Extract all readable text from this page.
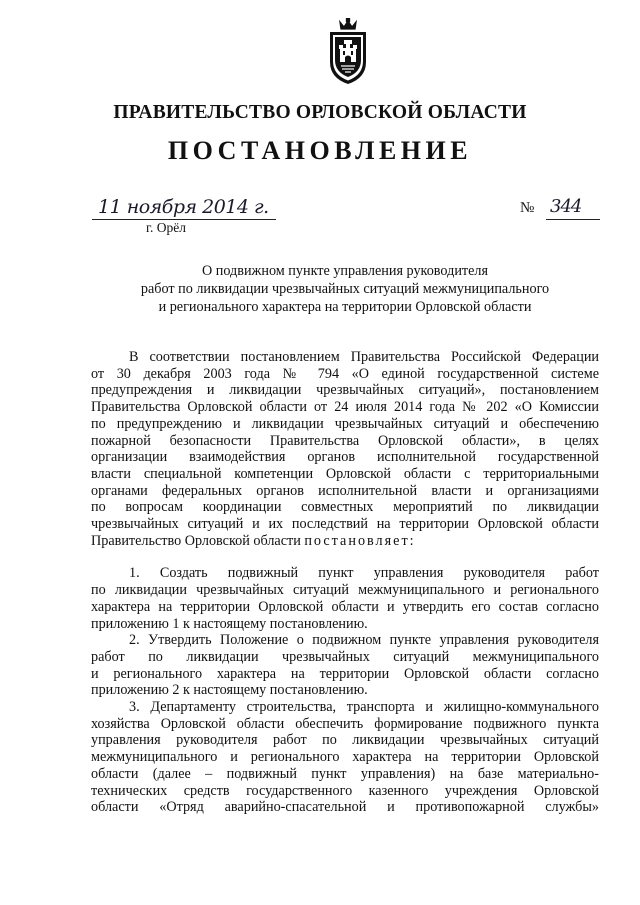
ПРАВИТЕЛЬСТВО ОРЛОВСКОЙ ОБЛАСТИ
ПОСТАНОВЛЕНИЕ
11 ноября 2014 г.	№ 344
г. Орёл
О подвижном пункте управления руководителя
работ по ликвидации чрезвычайных ситуаций межмуниципального
и регионального характера на территории Орловской области
В соответствии постановлением Правительства Российской Федерации
от 30 декабря 2003 года № 794 «О единой государственной системе
предупреждения и ликвидации чрезвычайных ситуаций», постановлением
Правительства Орловской области от 24 июля 2014 года № 202 «О Комиссии
по предупреждению и ликвидации чрезвычайных ситуаций и обеспечению
пожарной безопасности Правительства Орловской области», в целях
организации взаимодействия органов исполнительной государственной
власти специальной компетенции Орловской области с территориальными
органами федеральных органов исполнительной власти и организациями
по вопросам координации совместных мероприятий по ликвидации
чрезвычайных ситуаций и их последствий на территории Орловской области
Правительство Орловской области постановляет:
1. Создать подвижный пункт управления руководителя работ
по ликвидации чрезвычайных ситуаций межмуниципального и регионального
характера на территории Орловской области и утвердить его состав согласно
приложению 1 к настоящему постановлению.
2. Утвердить Положение о подвижном пункте управления руководителя
работ по ликвидации чрезвычайных ситуаций межмуниципального
и регионального характера на территории Орловской области согласно
приложению 2 к настоящему постановлению.
3. Департаменту строительства, транспорта и жилищно-коммунального
хозяйства Орловской области обеспечить формирование подвижного пункта
управления руководителя работ по ликвидации чрезвычайных ситуаций
межмуниципального и регионального характера на территории Орловской
области (далее – подвижный пункт управления) на базе материально-
технических средств государственного казенного учреждения Орловской
области «Отряд аварийно-спасательной и противопожарной службы»
